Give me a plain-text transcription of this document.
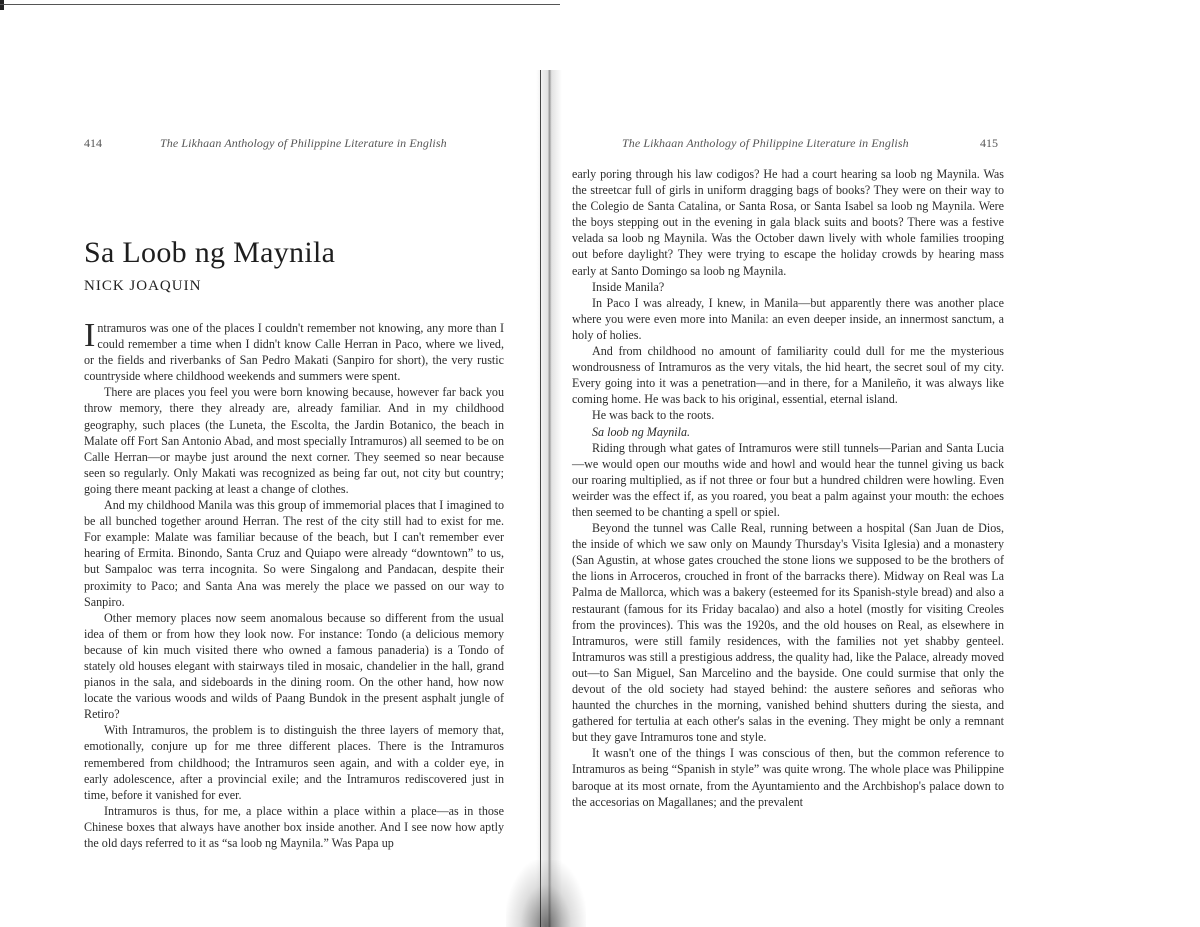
414	The Likhaan Anthology of Philippine Literature in English
Sa Loob ng Maynila
NICK JOAQUIN

Intramuros was one of the places I couldn't remember not knowing, any more than I could remember a time when I didn't know Calle Herran in Paco, where we lived, or the fields and riverbanks of San Pedro Makati (Sanpiro for short), the very rustic countryside where childhood weekends and summers were spent.

There are places you feel you were born knowing because, however far back you throw memory, there they already are, already familiar. And in my childhood geography, such places (the Luneta, the Escolta, the Jardin Botanico, the beach in Malate off Fort San Antonio Abad, and most specially Intramuros) all seemed to be on Calle Herran—or maybe just around the next corner. They seemed so near because seen so regularly. Only Makati was recognized as being far out, not city but country; going there meant packing at least a change of clothes.

And my childhood Manila was this group of immemorial places that I imagined to be all bunched together around Herran. The rest of the city still had to exist for me. For example: Malate was familiar because of the beach, but I can't remember ever hearing of Ermita. Binondo, Santa Cruz and Quiapo were already “downtown” to us, but Sampaloc was terra incognita. So were Singalong and Pandacan, despite their proximity to Paco; and Santa Ana was merely the place we passed on our way to Sanpiro.

Other memory places now seem anomalous because so different from the usual idea of them or from how they look now. For instance: Tondo (a delicious memory because of kin much visited there who owned a famous panaderia) is a Tondo of stately old houses elegant with stairways tiled in mosaic, chandelier in the hall, grand pianos in the sala, and sideboards in the dining room. On the other hand, how now locate the various woods and wilds of Paang Bundok in the present asphalt jungle of Retiro?

With Intramuros, the problem is to distinguish the three layers of memory that, emotionally, conjure up for me three different places. There is the Intramuros remembered from childhood; the Intramuros seen again, and with a colder eye, in early adolescence, after a provincial exile; and the Intramuros rediscovered just in time, before it vanished for ever.

Intramuros is thus, for me, a place within a place within a place—as in those Chinese boxes that always have another box inside another. And I see now how aptly the old days referred to it as “sa loob ng Maynila.” Was Papa up

The Likhaan Anthology of Philippine Literature in English	415

early poring through his law codigos? He had a court hearing sa loob ng Maynila. Was the streetcar full of girls in uniform dragging bags of books? They were on their way to the Colegio de Santa Catalina, or Santa Rosa, or Santa Isabel sa loob ng Maynila. Were the boys stepping out in the evening in gala black suits and boots? There was a festive velada sa loob ng Maynila. Was the October dawn lively with whole families trooping out before daylight? They were trying to escape the holiday crowds by hearing mass early at Santo Domingo sa loob ng Maynila.

Inside Manila?

In Paco I was already, I knew, in Manila—but apparently there was another place where you were even more into Manila: an even deeper inside, an innermost sanctum, a holy of holies.

And from childhood no amount of familiarity could dull for me the mysterious wondrousness of Intramuros as the very vitals, the hid heart, the secret soul of my city. Every going into it was a penetration—and in there, for a Manileño, it was always like coming home. He was back to his original, essential, eternal island.

He was back to the roots.

Sa loob ng Maynila.

Riding through what gates of Intramuros were still tunnels—Parian and Santa Lucia—we would open our mouths wide and howl and would hear the tunnel giving us back our roaring multiplied, as if not three or four but a hundred children were howling. Even weirder was the effect if, as you roared, you beat a palm against your mouth: the echoes then seemed to be chanting a spell or spiel.

Beyond the tunnel was Calle Real, running between a hospital (San Juan de Dios, the inside of which we saw only on Maundy Thursday's Visita Iglesia) and a monastery (San Agustin, at whose gates crouched the stone lions we supposed to be the brothers of the lions in Arroceros, crouched in front of the barracks there). Midway on Real was La Palma de Mallorca, which was a bakery (esteemed for its Spanish-style bread) and also a restaurant (famous for its Friday bacalao) and also a hotel (mostly for visiting Creoles from the provinces). This was the 1920s, and the old houses on Real, as elsewhere in Intramuros, were still family residences, with the families not yet shabby genteel. Intramuros was still a prestigious address, the quality had, like the Palace, already moved out—to San Miguel, San Marcelino and the bayside. One could surmise that only the devout of the old society had stayed behind: the austere señores and señoras who haunted the churches in the morning, vanished behind shutters during the siesta, and gathered for tertulia at each other's salas in the evening. They might be only a remnant but they gave Intramuros tone and style.

It wasn't one of the things I was conscious of then, but the common reference to Intramuros as being “Spanish in style” was quite wrong. The whole place was Philippine baroque at its most ornate, from the Ayuntamiento and the Archbishop's palace down to the accesorias on Magallanes; and the prevalent
